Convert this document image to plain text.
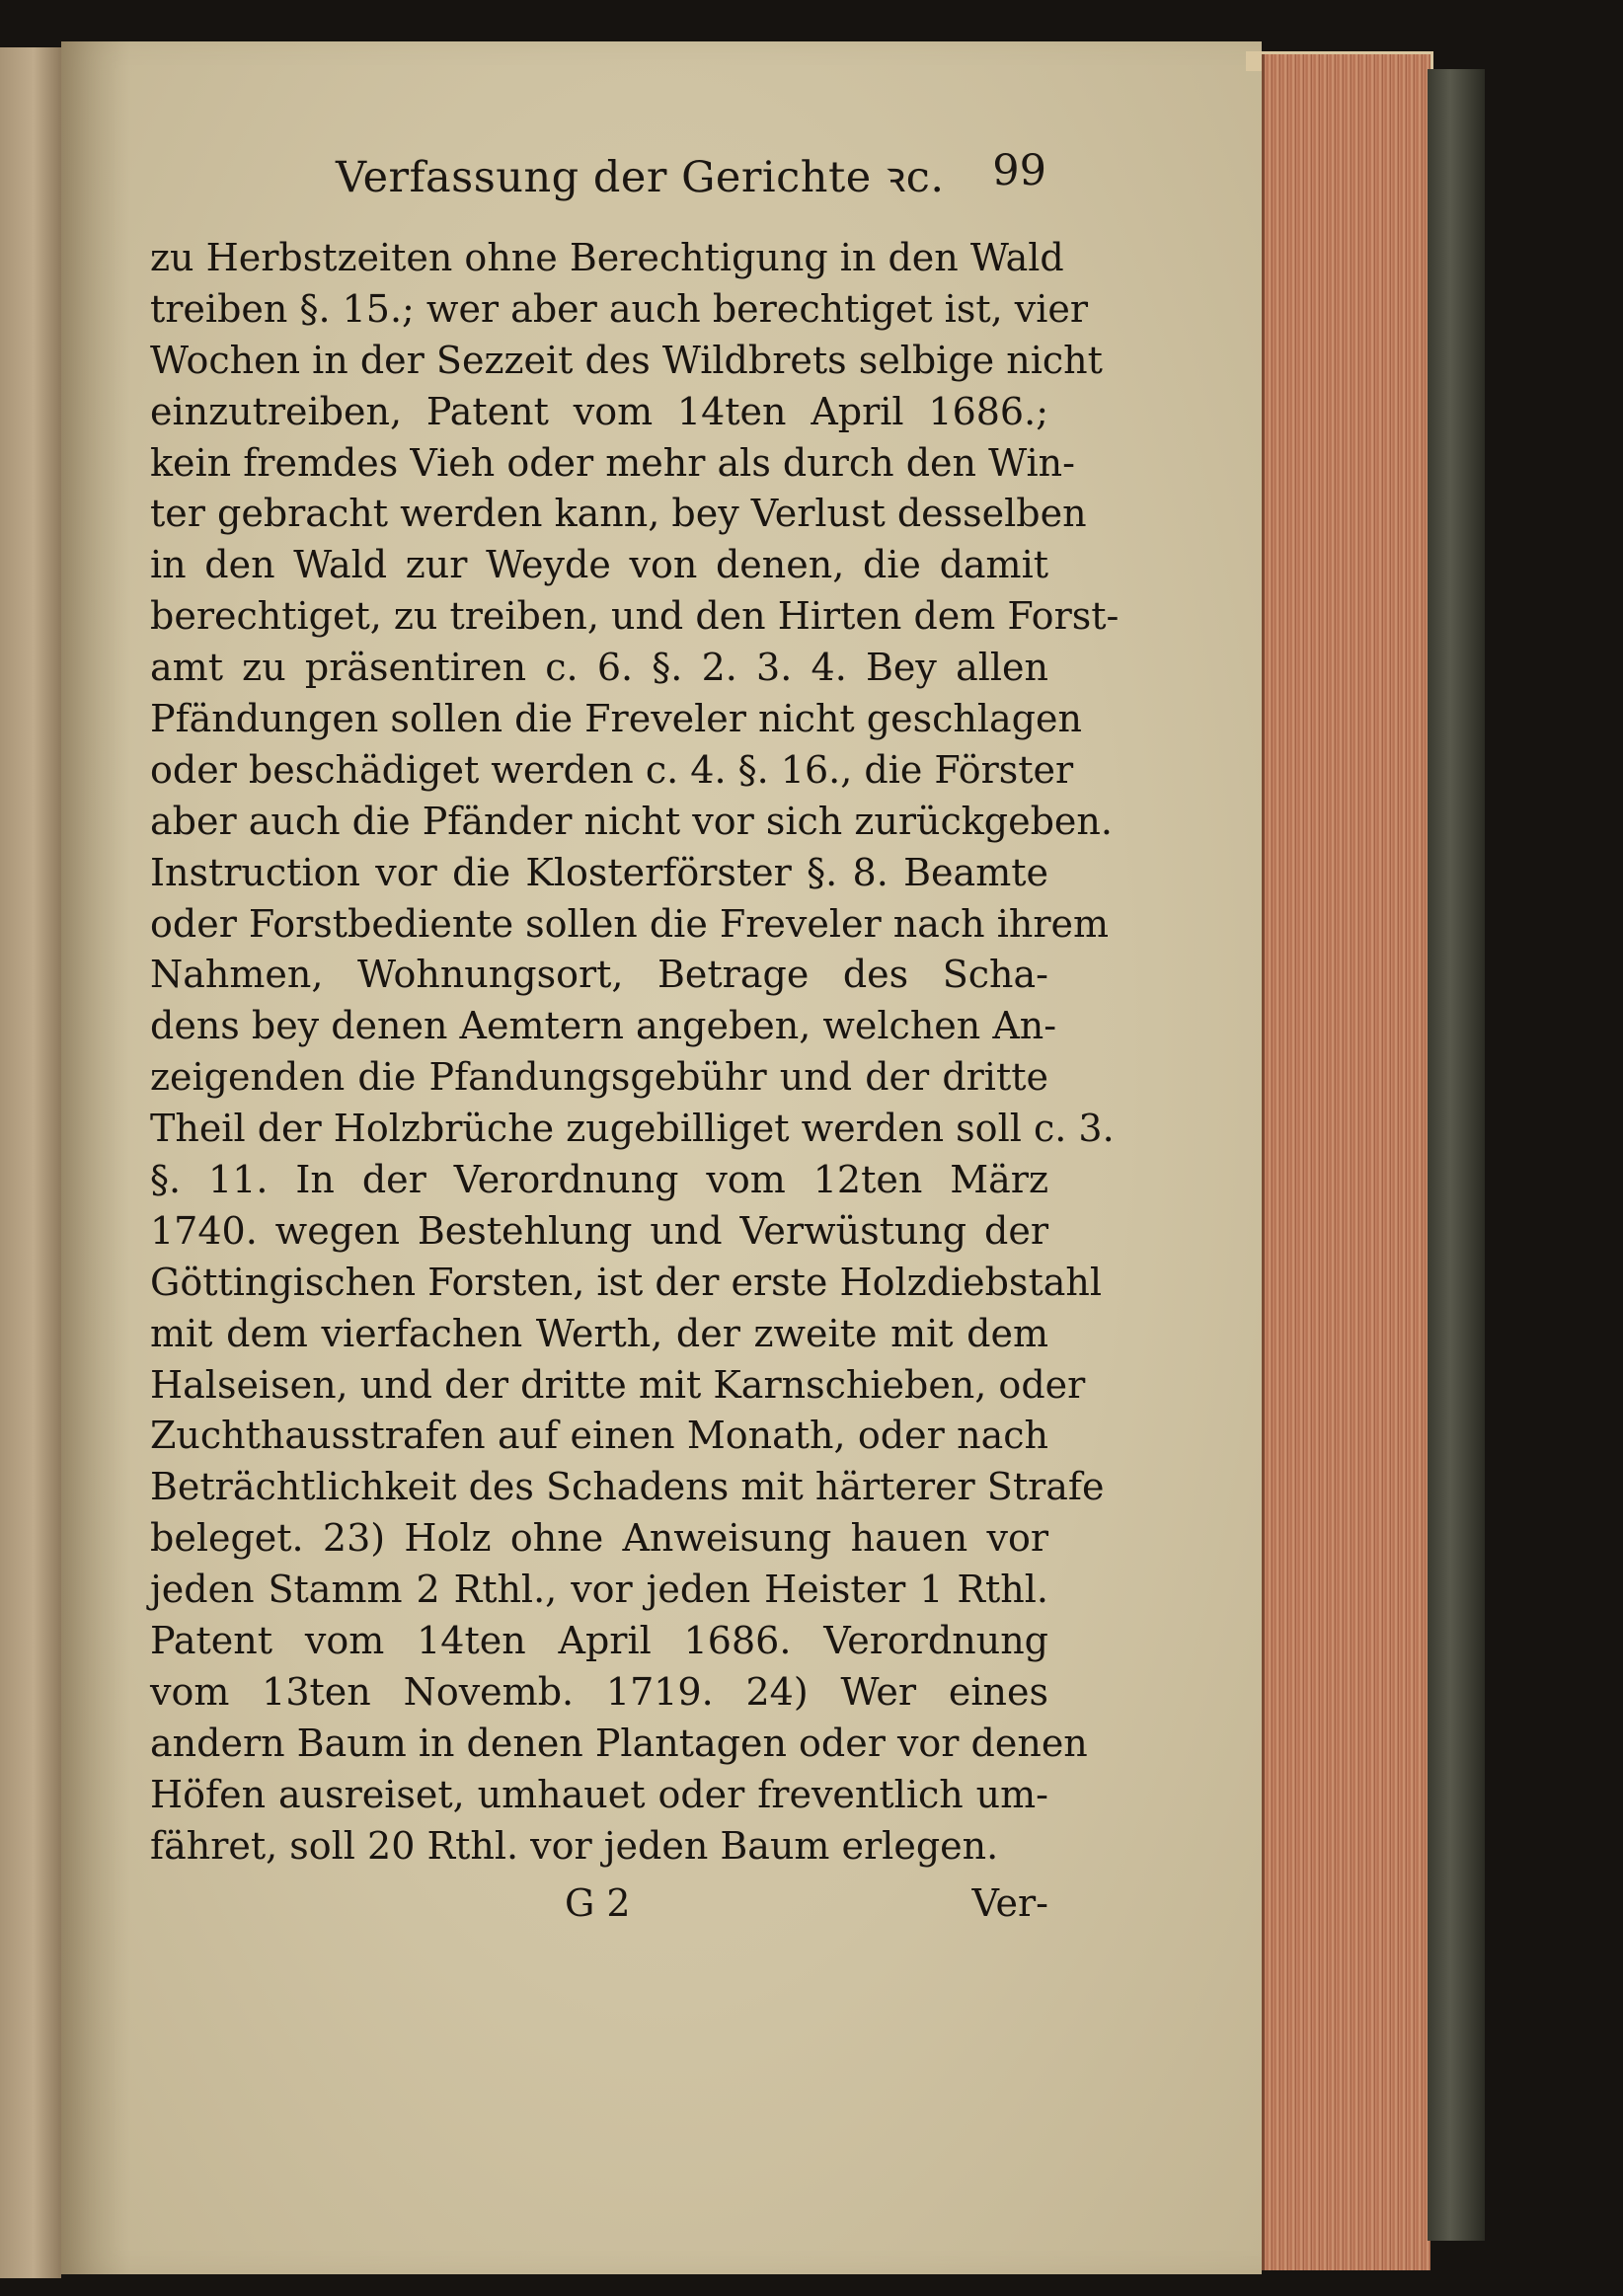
Verfassung der Gerichte ꝛc. 99
zu Herbstzeiten ohne Berechtigung in den Wald
treiben §. 15.; wer aber auch berechtiget ist, vier
Wochen in der Sezzeit des Wildbrets selbige nicht
einzutreiben, Patent vom 14ten April 1686.;
kein fremdes Vieh oder mehr als durch den Win-
ter gebracht werden kann, bey Verlust desselben
in den Wald zur Weyde von denen, die damit
berechtiget, zu treiben, und den Hirten dem Forst-
amt zu präsentiren c. 6. §. 2. 3. 4. Bey allen
Pfändungen sollen die Freveler nicht geschlagen
oder beschädiget werden c. 4. §. 16., die Förster
aber auch die Pfänder nicht vor sich zurückgeben.
Instruction vor die Klosterförster §. 8. Beamte
oder Forstbediente sollen die Freveler nach ihrem
Nahmen, Wohnungsort, Betrage des Scha-
dens bey denen Aemtern angeben, welchen An-
zeigenden die Pfandungsgebühr und der dritte
Theil der Holzbrüche zugebilliget werden soll c. 3.
§. 11. In der Verordnung vom 12ten März
1740. wegen Bestehlung und Verwüstung der
Göttingischen Forsten, ist der erste Holzdiebstahl
mit dem vierfachen Werth, der zweite mit dem
Halseisen, und der dritte mit Karnschieben, oder
Zuchthausstrafen auf einen Monath, oder nach
Beträchtlichkeit des Schadens mit härterer Strafe
beleget. 23) Holz ohne Anweisung hauen vor
jeden Stamm 2 Rthl., vor jeden Heister 1 Rthl.
Patent vom 14ten April 1686. Verordnung
vom 13ten Novemb. 1719. 24) Wer eines
andern Baum in denen Plantagen oder vor denen
Höfen ausreiset, umhauet oder freventlich um-
fähret, soll 20 Rthl. vor jeden Baum erlegen.
G 2	Ver-
